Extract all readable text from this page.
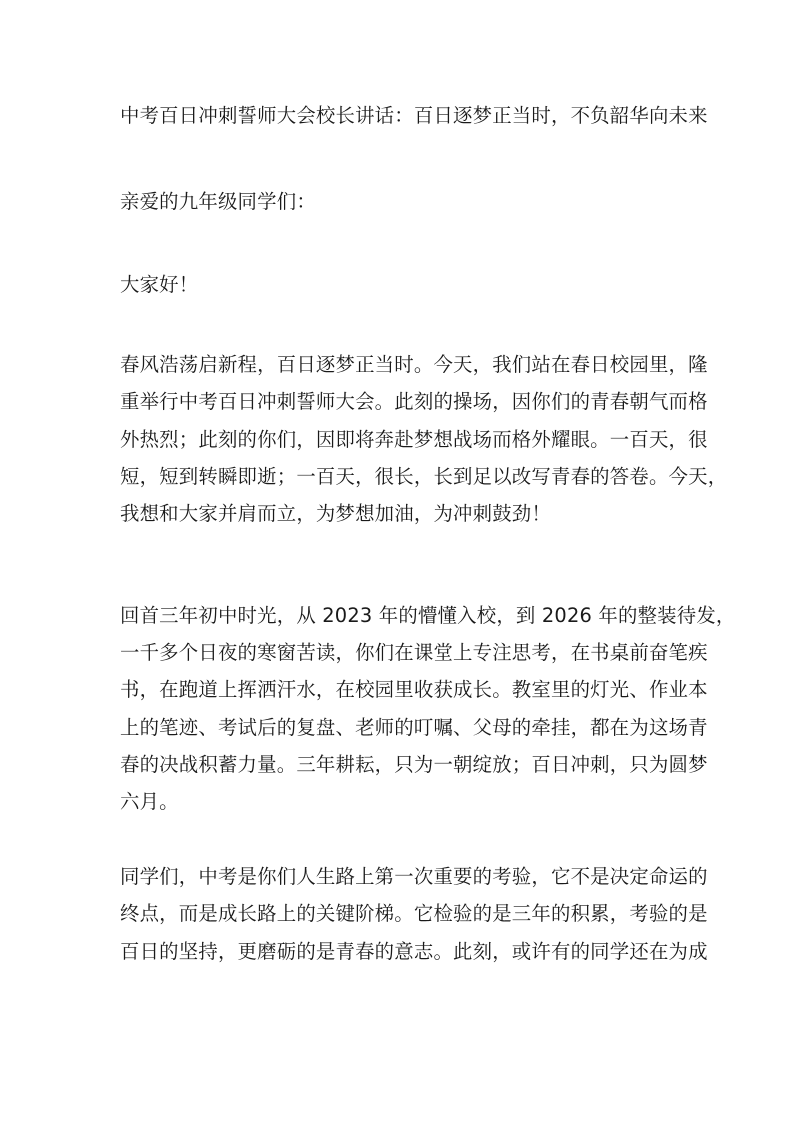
中考百日冲刺誓师大会校长讲话：百日逐梦正当时，不负韶华向未来
亲爱的九年级同学们：
大家好！
春风浩荡启新程，百日逐梦正当时。今天，我们站在春日校园里，隆
重举行中考百日冲刺誓师大会。此刻的操场，因你们的青春朝气而格
外热烈；此刻的你们，因即将奔赴梦想战场而格外耀眼。一百天，很
短，短到转瞬即逝；一百天，很长，长到足以改写青春的答卷。今天，
我想和大家并肩而立，为梦想加油，为冲刺鼓劲！
回首三年初中时光，从 2023 年的懵懂入校，到 2026 年的整装待发，
一千多个日夜的寒窗苦读，你们在课堂上专注思考，在书桌前奋笔疾
书，在跑道上挥洒汗水，在校园里收获成长。教室里的灯光、作业本
上的笔迹、考试后的复盘、老师的叮嘱、父母的牵挂，都在为这场青
春的决战积蓄力量。三年耕耘，只为一朝绽放；百日冲刺，只为圆梦
六月。
同学们，中考是你们人生路上第一次重要的考验，它不是决定命运的
终点，而是成长路上的关键阶梯。它检验的是三年的积累，考验的是
百日的坚持，更磨砺的是青春的意志。此刻，或许有的同学还在为成
